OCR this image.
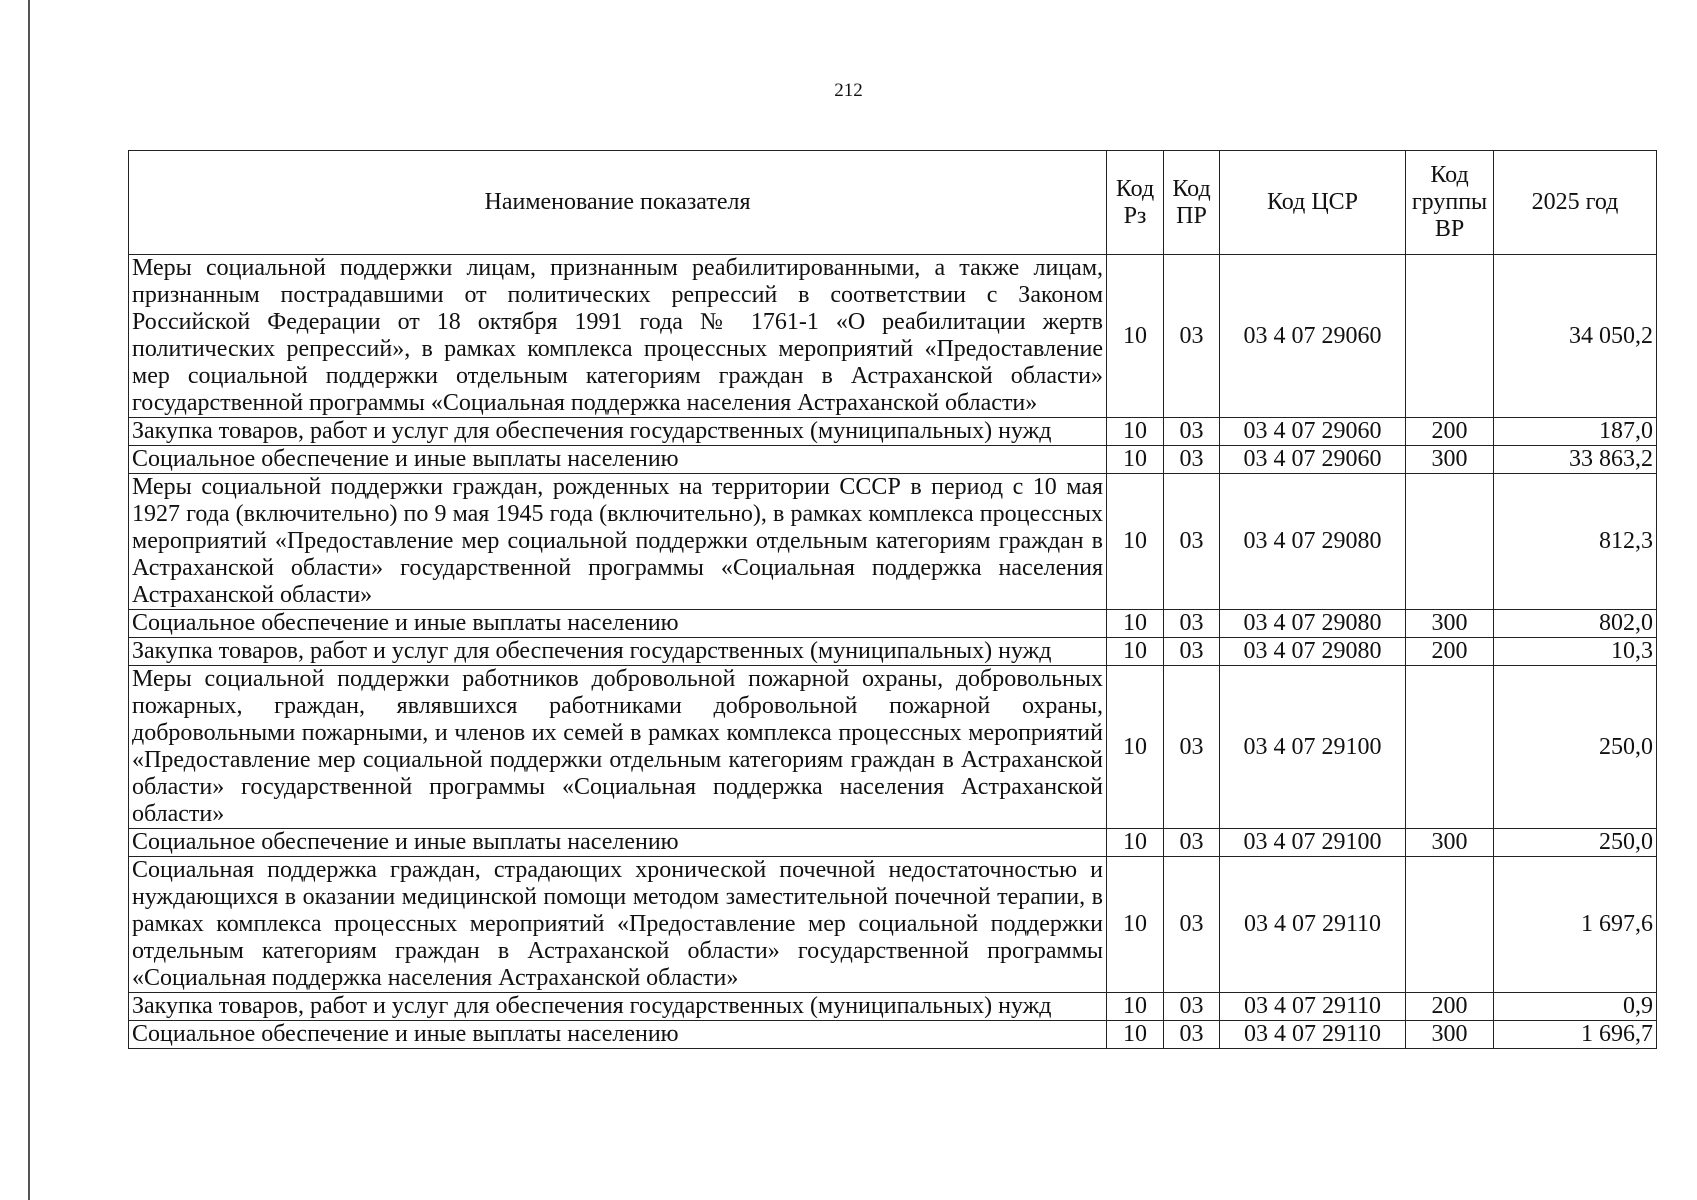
212
Наименование показателя	Код Рз	Код ПР	Код ЦСР	Код группы ВР	2025 год
Меры социальной поддержки лицам, признанным реабилитированными, а также лицам, признанным пострадавшими от политических репрессий в соответствии с Законом Российской Федерации от 18 октября 1991 года № 1761-1 «О реабилитации жертв политических репрессий», в рамках комплекса процессных мероприятий «Предоставление мер социальной поддержки отдельным категориям граждан в Астраханской области» государственной программы «Социальная поддержка населения Астраханской области»	10	03	03 4 07 29060		34 050,2
Закупка товаров, работ и услуг для обеспечения государственных (муниципальных) нужд	10	03	03 4 07 29060	200	187,0
Социальное обеспечение и иные выплаты населению	10	03	03 4 07 29060	300	33 863,2
Меры социальной поддержки граждан, рожденных на территории СССР в период с 10 мая 1927 года (включительно) по 9 мая 1945 года (включительно), в рамках комплекса процессных мероприятий «Предоставление мер социальной поддержки отдельным категориям граждан в Астраханской области» государственной программы «Социальная поддержка населения Астраханской области»	10	03	03 4 07 29080		812,3
Социальное обеспечение и иные выплаты населению	10	03	03 4 07 29080	300	802,0
Закупка товаров, работ и услуг для обеспечения государственных (муниципальных) нужд	10	03	03 4 07 29080	200	10,3
Меры социальной поддержки работников добровольной пожарной охраны, добровольных пожарных, граждан, являвшихся работниками добровольной пожарной охраны, добровольными пожарными, и членов их семей в рамках комплекса процессных мероприятий «Предоставление мер социальной поддержки отдельным категориям граждан в Астраханской области» государственной программы «Социальная поддержка населения Астраханской области»	10	03	03 4 07 29100		250,0
Социальное обеспечение и иные выплаты населению	10	03	03 4 07 29100	300	250,0
Социальная поддержка граждан, страдающих хронической почечной недостаточностью и нуждающихся в оказании медицинской помощи методом заместительной почечной терапии, в рамках комплекса процессных мероприятий «Предоставление мер социальной поддержки отдельным категориям граждан в Астраханской области» государственной программы «Социальная поддержка населения Астраханской области»	10	03	03 4 07 29110		1 697,6
Закупка товаров, работ и услуг для обеспечения государственных (муниципальных) нужд	10	03	03 4 07 29110	200	0,9
Социальное обеспечение и иные выплаты населению	10	03	03 4 07 29110	300	1 696,7
